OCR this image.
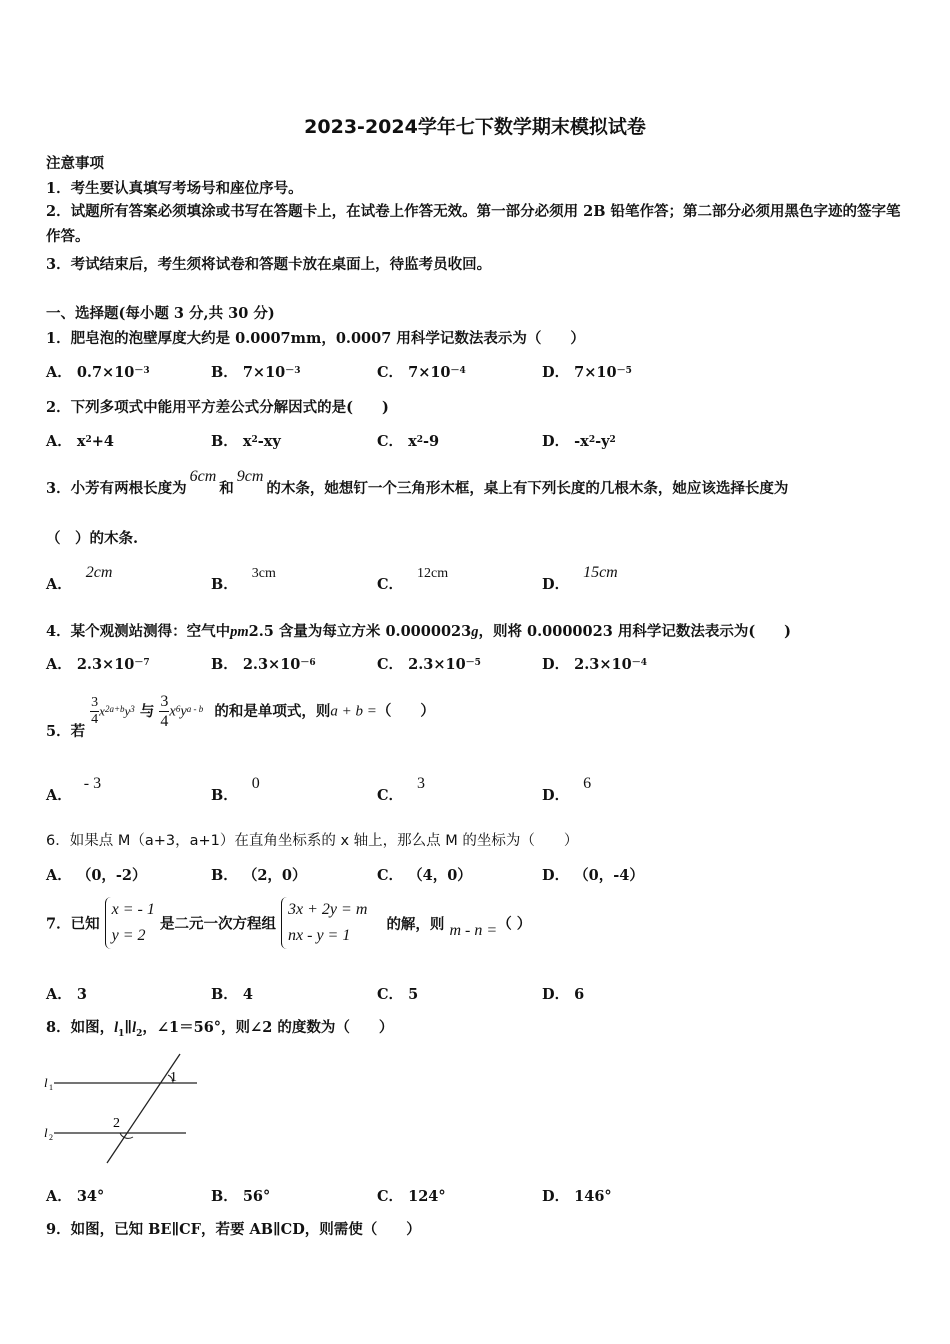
2023-2024学年七下数学期末模拟试卷
注意事项
1．考生要认真填写考场号和座位序号。
2．试题所有答案必须填涂或书写在答题卡上，在试卷上作答无效。第一部分必须用 2B 铅笔作答；第二部分必须用黑色字迹的签字笔作答。
3．考试结束后，考生须将试卷和答题卡放在桌面上，待监考员收回。
一、选择题(每小题 3 分,共 30 分)
1．肥皂泡的泡壁厚度大约是 0.0007mm，0.0007 用科学记数法表示为（　　）
A． $0.7\times 10^{-3}$	B． $7\times 10^{-3}$	C． $7\times 10^{-4}$	D． $7\times 10^{-5}$
2．下列多项式中能用平方差公式分解因式的是(　　)
A． $x^2+4$	B． $x^2-xy$	C． $x^2-9$	D． $-x^2-y^2$
3．小芳有两根长度为6cm和9cm的木条，她想钉一个三角形木框，桌上有下列长度的几根木条，她应该选择长度为
（　）的木条.
A．2cm
B．3cm
C．12cm
D．15cm
4．某个观测站测得：空气中pm2.5 含量为每立方米 0.0000023g，则将 0.0000023 用科学记数法表示为(　　)
A． $2.3\times 10^{-7}$	B． $2.3\times 10^{-6}$	C． $2.3\times 10^{-5}$	D． $2.3\times 10^{-4}$
5．若
$\frac{3}{4} x^{2a+b}y^3$ 与 $\frac{3}{4} x^6y^{a - b}$ 的和是单项式，则a + b =（　　）
A．- 3
B．0
C．3
D．6
6．如果点 M（a+3，a+1）在直角坐标系的 x 轴上，那么点 M 的坐标为（　　）
A． （0，-2）	B． （2，0）	C． （4，0）	D． （0，-4）
7．已知
x = - 1
y = 2
是二元一次方程组
3x + 2y = m
nx - y = 1
的解，则 m - n =（ ）
A． 3	B． 4	C． 5	D． 6
8．如图，$l_1\parallel l_2$，∠1＝56°，则∠2 的度数为（　　）
l 1
l 2
1
2
A． 34°	B． 56°	C． 124°	D． 146°
9．如图，已知 BE∥CF，若要 AB∥CD，则需使（　　）
